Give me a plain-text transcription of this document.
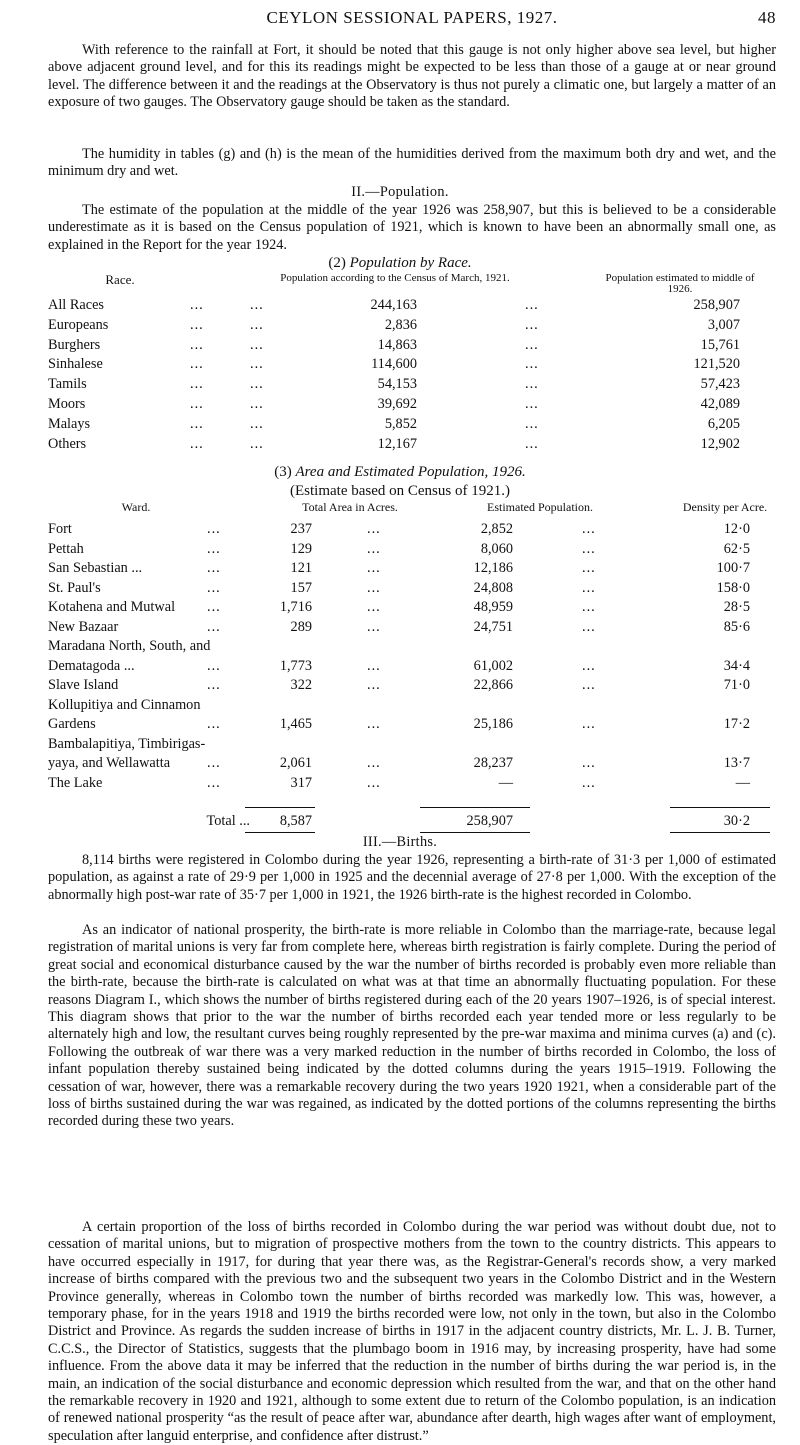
CEYLON SESSIONAL PAPERS, 1927.	48

With reference to the rainfall at Fort, it should be noted that this gauge is not only higher above sea level, but higher above adjacent ground level, and for this its readings might be expected to be less than those of a gauge at or near ground level. The difference between it and the readings at the Observatory is thus not purely a climatic one, but largely a matter of an exposure of two gauges. The Observatory gauge should be taken as the standard.

The humidity in tables (g) and (h) is the mean of the humidities derived from the maximum both dry and wet, and the minimum dry and wet.

II.—Population.

The estimate of the population at the middle of the year 1926 was 258,907, but this is believed to be a considerable underestimate as it is based on the Census population of 1921, which is known to have been an abnormally small one, as explained in the Report for the year 1924.

(2) Population by Race.
Race.	Population according to the Census of March, 1921.	Population estimated to middle of 1926.
All Races	...	...	244,163	...	258,907
Europeans	...	...	2,836	...	3,007
Burghers	...	...	14,863	...	15,761
Sinhalese	...	...	114,600	...	121,520
Tamils	...	...	54,153	...	57,423
Moors	...	...	39,692	...	42,089
Malays	...	...	5,852	...	6,205
Others	...	...	12,167	...	12,902
(3) Area and Estimated Population, 1926.
(Estimate based on Census of 1921.)
Ward.	Total Area in Acres.	Estimated Population.	Density per Acre.
Fort	...	237	...	2,852	...	12·0
Pettah	...	129	...	8,060	...	62·5
San Sebastian ...	...	121	...	12,186	...	100·7
St. Paul's	...	157	...	24,808	...	158·0
Kotahena and Mutwal ...	1,716	...	48,959	...	28·5
New Bazaar	...	289	...	24,751	...	85·6
Maradana North, South, and
Dematagoda ...	...	1,773	...	61,002	...	34·4
Slave Island	...	322	...	22,866	...	71·0
Kollupitiya and Cinnamon
Gardens	...	1,465	...	25,186	...	17·2
Bambalapitiya, Timbirigas-
yaya, and Wellawatta	...	2,061	...	28,237	...	13·7
The Lake	...	317	...	—	...	—
Total ...	8,587	258,907	30·2
III.—Births.

8,114 births were registered in Colombo during the year 1926, representing a birth-rate of 31·3 per 1,000 of estimated population, as against a rate of 29·9 per 1,000 in 1925 and the decennial average of 27·8 per 1,000. With the exception of the abnormally high post-war rate of 35·7 per 1,000 in 1921, the 1926 birth-rate is the highest recorded in Colombo.

As an indicator of national prosperity, the birth-rate is more reliable in Colombo than the marriage-rate, because legal registration of marital unions is very far from complete here, whereas birth registration is fairly complete. During the period of great social and economical disturbance caused by the war the number of births recorded is probably even more reliable than the birth-rate, because the birth-rate is calculated on what was at that time an abnormally fluctuating population. For these reasons Diagram I., which shows the number of births registered during each of the 20 years 1907–1926, is of special interest. This diagram shows that prior to the war the number of births recorded each year tended more or less regularly to be alternately high and low, the resultant curves being roughly represented by the pre-war maxima and minima curves (a) and (c). Following the outbreak of war there was a very marked reduction in the number of births recorded in Colombo, the loss of infant population thereby sustained being indicated by the dotted columns during the years 1915–1919. Following the cessation of war, however, there was a remarkable recovery during the two years 1920 1921, when a considerable part of the loss of births sustained during the war was regained, as indicated by the dotted portions of the columns representing the births recorded during these two years.

A certain proportion of the loss of births recorded in Colombo during the war period was without doubt due, not to cessation of marital unions, but to migration of prospective mothers from the town to the country districts. This appears to have occurred especially in 1917, for during that year there was, as the Registrar-General's records show, a very marked increase of births compared with the previous two and the subsequent two years in the Colombo District and in the Western Province generally, whereas in Colombo town the number of births recorded was markedly low. This was, however, a temporary phase, for in the years 1918 and 1919 the births recorded were low, not only in the town, but also in the Colombo District and Province. As regards the sudden increase of births in 1917 in the adjacent country districts, Mr. L. J. B. Turner, C.C.S., the Director of Statistics, suggests that the plumbago boom in 1916 may, by increasing prosperity, have had some influence. From the above data it may be inferred that the reduction in the number of births during the war period is, in the main, an indication of the social disturbance and economic depression which resulted from the war, and that on the other hand the remarkable recovery in 1920 and 1921, although to some extent due to return of the Colombo population, is an indication of renewed national prosperity “as the result of peace after war, abundance after dearth, high wages after want of employment, speculation after languid enterprise, and confidence after distrust.”
